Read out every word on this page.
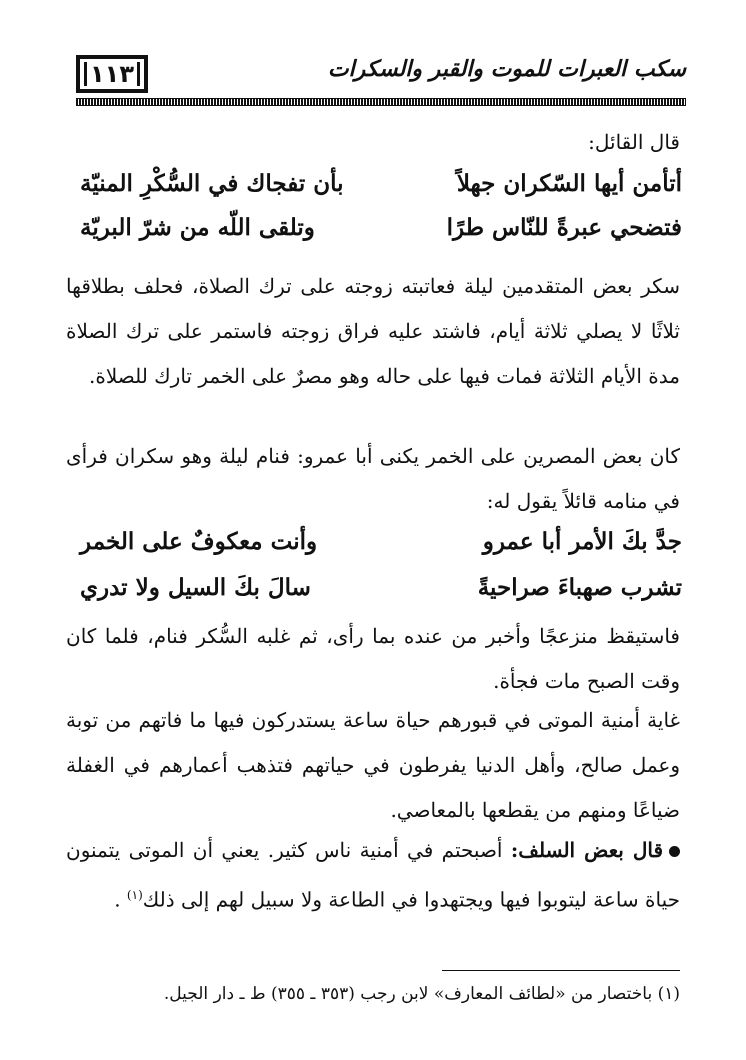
١١٣	سكب العبرات للموت والقبر والسكرات
قال القائل:
أتأمن أيها السّكران جهلاً
بأن تفجاك في السُّكْرِ المنيّة
فتضحي عبرةً للنّاس طرًا
وتلقى اللّه من شرّ البريّة
سكر بعض المتقدمين ليلة فعاتبته زوجته على ترك الصلاة، فحلف بطلاقها ثلاثًا لا يصلي ثلاثة أيام، فاشتد عليه فراق زوجته فاستمر على ترك الصلاة مدة الأيام الثلاثة فمات فيها على حاله وهو مصرٌ على الخمر تارك للصلاة.
كان بعض المصرين على الخمر يكنى أبا عمرو: فنام ليلة وهو سكران فرأى في منامه قائلاً يقول له:
جدَّ بكَ الأمر أبا عمرو
وأنت معكوفٌ على الخمر
تشرب صهباءَ صراحيةً
سالَ بكَ السيل ولا تدري
فاستيقظ منزعجًا وأخبر من عنده بما رأى، ثم غلبه السُّكر فنام، فلما كان وقت الصبح مات فجأة.
غاية أمنية الموتى في قبورهم حياة ساعة يستدركون فيها ما فاتهم من توبة وعمل صالح، وأهل الدنيا يفرطون في حياتهم فتذهب أعمارهم في الغفلة ضياعًا ومنهم من يقطعها بالمعاصي.
قال بعض السلف: أصبحتم في أمنية ناس كثير. يعني أن الموتى يتمنون حياة ساعة ليتوبوا فيها ويجتهدوا في الطاعة ولا سبيل لهم إلى ذلك$^{(١)}$ .
(١) باختصار من «لطائف المعارف» لابن رجب (٣٥٣ ـ ٣٥٥) ط ـ دار الجيل.
